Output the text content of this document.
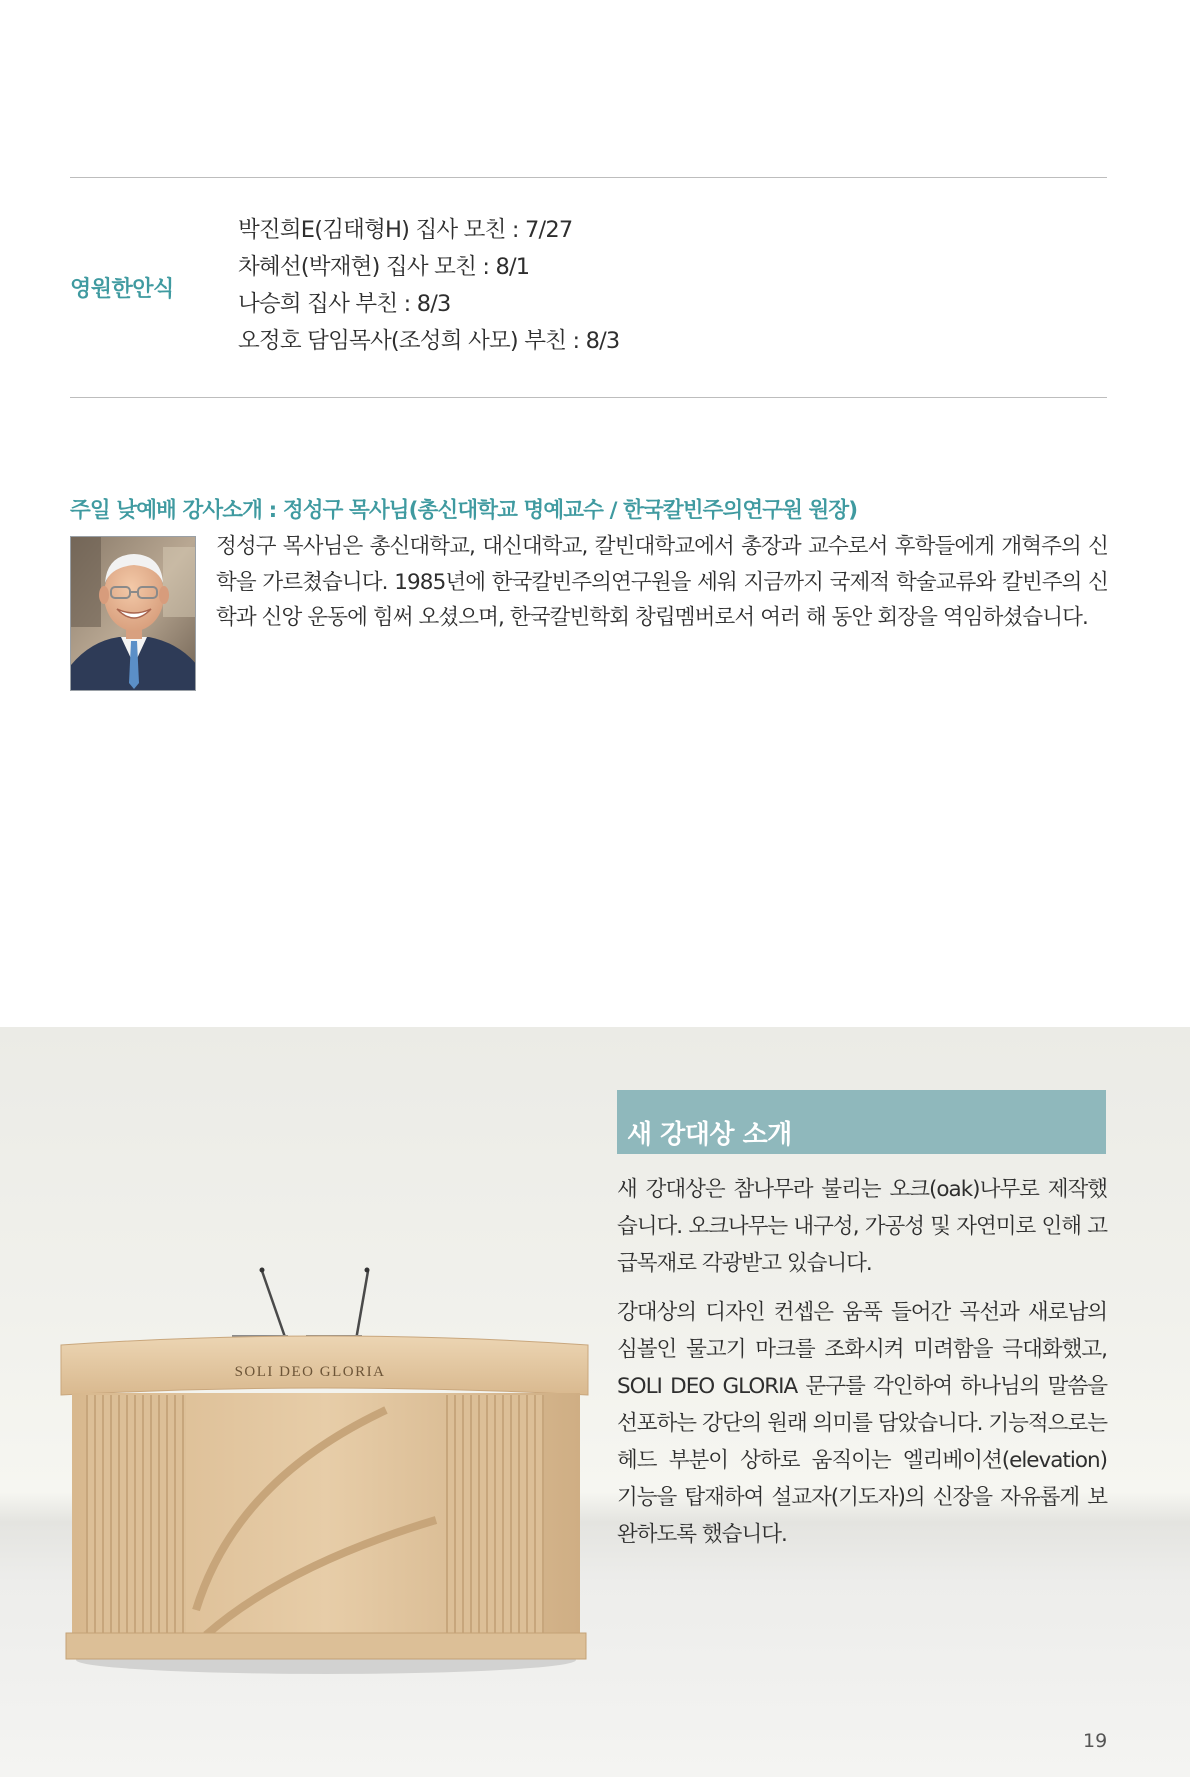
영원한안식
박진희E(김태형H) 집사 모친 : 7/27
차혜선(박재현) 집사 모친 : 8/1
나승희 집사 부친 : 8/3
오정호 담임목사(조성희 사모) 부친 : 8/3
주일 낮예배 강사소개 : 정성구 목사님(총신대학교 명예교수 / 한국칼빈주의연구원 원장)

정성구 목사님은 총신대학교, 대신대학교, 칼빈대학교에서 총장과 교수로서 후학들에게 개혁주의 신학을 가르쳤습니다. 1985년에 한국칼빈주의연구원을 세워 지금까지 국제적 학술교류와 칼빈주의 신학과 신앙 운동에 힘써 오셨으며, 한국칼빈학회 창립멤버로서 여러 해 동안 회장을 역임하셨습니다.

SOLI DEO GLORIA
새 강대상 소개

새 강대상은 참나무라 불리는 오크(oak)나무로 제작했습니다. 오크나무는 내구성, 가공성 및 자연미로 인해 고급목재로 각광받고 있습니다.

강대상의 디자인 컨셉은 움푹 들어간 곡선과 새로남의 심볼인 물고기 마크를 조화시켜 미려함을 극대화했고, SOLI DEO GLORIA 문구를 각인하여 하나님의 말씀을 선포하는 강단의 원래 의미를 담았습니다. 기능적으로는 헤드 부분이 상하로 움직이는 엘리베이션(elevation) 기능을 탑재하여 설교자(기도자)의 신장을 자유롭게 보완하도록 했습니다.

19
